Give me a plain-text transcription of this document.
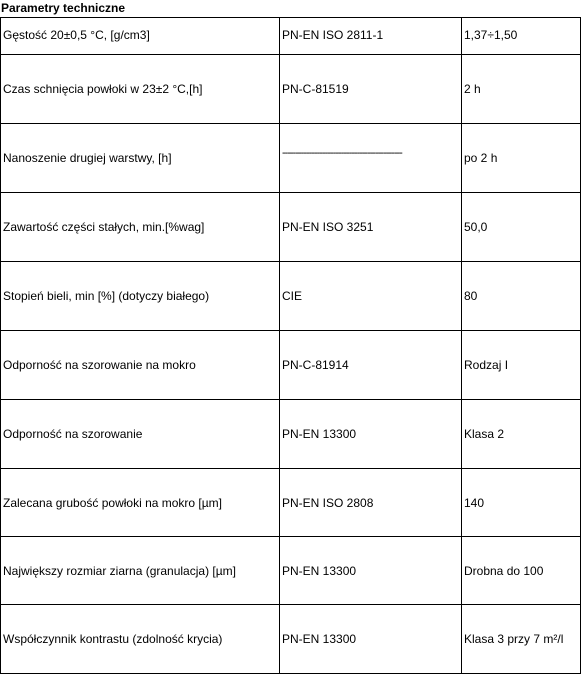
Parametry techniczne
Gęstość 20±0,5 °C, [g/cm3]	PN-EN ISO 2811-1	1,37÷1,50
Czas schnięcia powłoki w 23±2 °C,[h]	PN-C-81519	2 h
Nanoszenie drugiej warstwy, [h]	---------------------------------------------	po 2 h
Zawartość części stałych, min.[%wag]	PN-EN ISO 3251	50,0
Stopień bieli, min [%] (dotyczy białego)	CIE	80
Odporność na szorowanie na mokro	PN-C-81914	Rodzaj I
Odporność na szorowanie	PN-EN 13300	Klasa 2
Zalecana grubość powłoki na mokro [µm]	PN-EN ISO 2808	140
Największy rozmiar ziarna (granulacja) [µm]	PN-EN 13300	Drobna do 100
Współczynnik kontrastu (zdolność krycia)	PN-EN 13300	Klasa 3 przy 7 m²/l
